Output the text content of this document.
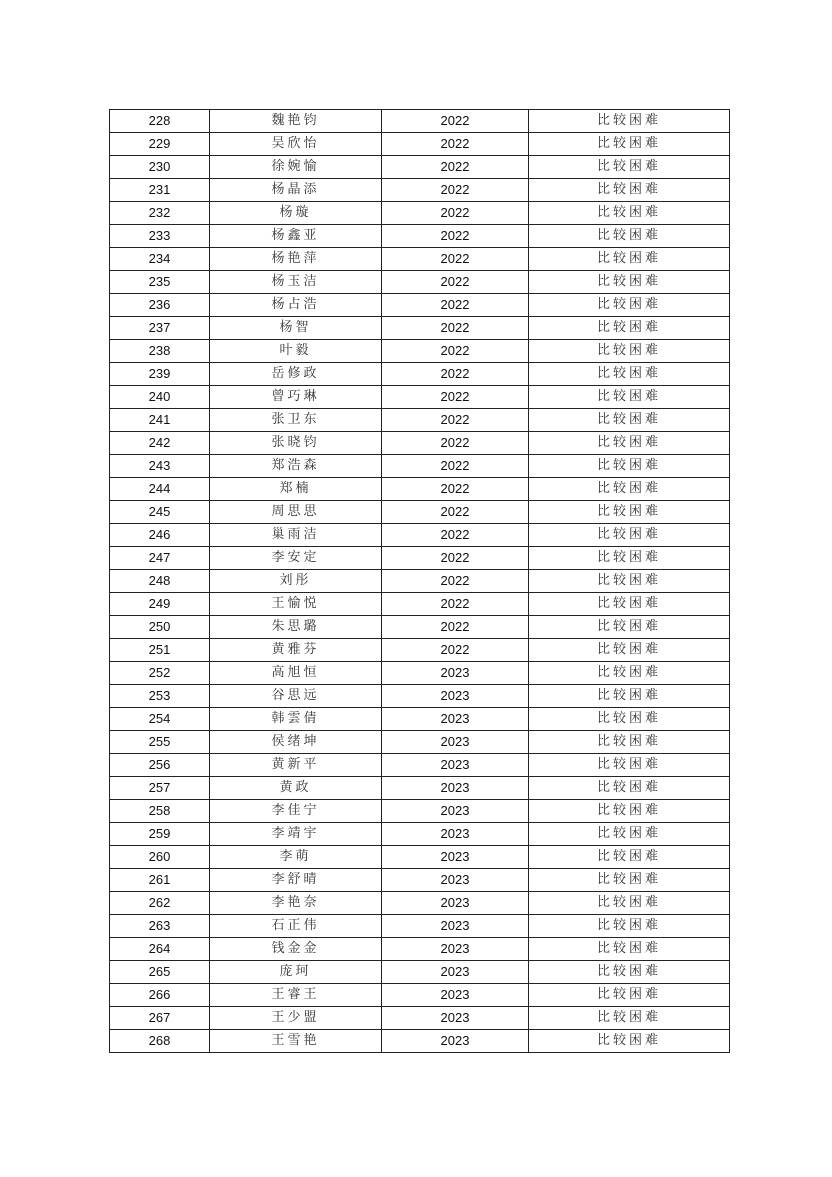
228	魏艳钧	2022	比较困难
229	吴欣怡	2022	比较困难
230	徐婉愉	2022	比较困难
231	杨晶添	2022	比较困难
232	杨璇	2022	比较困难
233	杨鑫亚	2022	比较困难
234	杨艳萍	2022	比较困难
235	杨玉洁	2022	比较困难
236	杨占浩	2022	比较困难
237	杨智	2022	比较困难
238	叶毅	2022	比较困难
239	岳修政	2022	比较困难
240	曾巧琳	2022	比较困难
241	张卫东	2022	比较困难
242	张晓钧	2022	比较困难
243	郑浩森	2022	比较困难
244	郑楠	2022	比较困难
245	周思思	2022	比较困难
246	巢雨洁	2022	比较困难
247	李安定	2022	比较困难
248	刘彤	2022	比较困难
249	王愉悦	2022	比较困难
250	朱思璐	2022	比较困难
251	黄雅芬	2022	比较困难
252	高旭恒	2023	比较困难
253	谷思远	2023	比较困难
254	韩雲倩	2023	比较困难
255	侯绪坤	2023	比较困难
256	黄新平	2023	比较困难
257	黄政	2023	比较困难
258	李佳宁	2023	比较困难
259	李靖宇	2023	比较困难
260	李萌	2023	比较困难
261	李舒晴	2023	比较困难
262	李艳奈	2023	比较困难
263	石正伟	2023	比较困难
264	钱金金	2023	比较困难
265	庞珂	2023	比较困难
266	王睿王	2023	比较困难
267	王少盟	2023	比较困难
268	王雪艳	2023	比较困难
